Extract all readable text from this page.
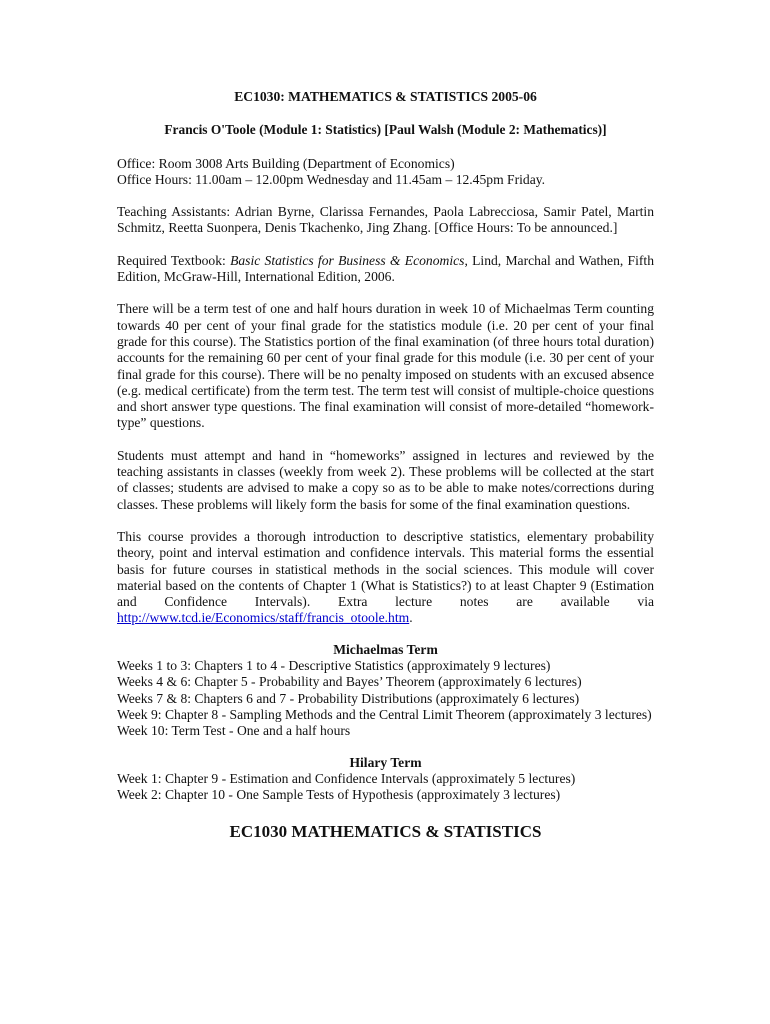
EC1030: MATHEMATICS & STATISTICS 2005-06

Francis O'Toole (Module 1: Statistics) [Paul Walsh (Module 2: Mathematics)]

Office: Room 3008 Arts Building (Department of Economics)
Office Hours: 11.00am – 12.00pm Wednesday and 11.45am – 12.45pm Friday.

Teaching Assistants: Adrian Byrne, Clarissa Fernandes, Paola Labrecciosa, Samir Patel, Martin Schmitz, Reetta Suonpera, Denis Tkachenko, Jing Zhang. [Office Hours: To be announced.]

Required Textbook: Basic Statistics for Business & Economics, Lind, Marchal and Wathen, Fifth Edition, McGraw-Hill, International Edition, 2006.

There will be a term test of one and half hours duration in week 10 of Michaelmas Term counting towards 40 per cent of your final grade for the statistics module (i.e. 20 per cent of your final grade for this course). The Statistics portion of the final examination (of three hours total duration) accounts for the remaining 60 per cent of your final grade for this module (i.e. 30 per cent of your final grade for this course). There will be no penalty imposed on students with an excused absence (e.g. medical certificate) from the term test. The term test will consist of multiple-choice questions and short answer type questions. The final examination will consist of more-detailed “homework-type” questions.

Students must attempt and hand in “homeworks” assigned in lectures and reviewed by the teaching assistants in classes (weekly from week 2). These problems will be collected at the start of classes; students are advised to make a copy so as to be able to make notes/corrections during classes. These problems will likely form the basis for some of the final examination questions.

This course provides a thorough introduction to descriptive statistics, elementary probability theory, point and interval estimation and confidence intervals. This material forms the essential basis for future courses in statistical methods in the social sciences. This module will cover material based on the contents of Chapter 1 (What is Statistics?) to at least Chapter 9 (Estimation and Confidence Intervals). Extra lecture notes are available via http://www.tcd.ie/Economics/staff/francis_otoole.htm.

Michaelmas Term

Weeks 1 to 3: Chapters 1 to 4 - Descriptive Statistics (approximately 9 lectures)
Weeks 4 & 6: Chapter 5 - Probability and Bayes’ Theorem (approximately 6 lectures)
Weeks 7 & 8: Chapters 6 and 7 - Probability Distributions (approximately 6 lectures)
Week 9: Chapter 8 - Sampling Methods and the Central Limit Theorem (approximately 3 lectures)
Week 10: Term Test - One and a half hours

Hilary Term

Week 1: Chapter 9 - Estimation and Confidence Intervals (approximately 5 lectures)
Week 2: Chapter 10 - One Sample Tests of Hypothesis (approximately 3 lectures)

EC1030 MATHEMATICS & STATISTICS
